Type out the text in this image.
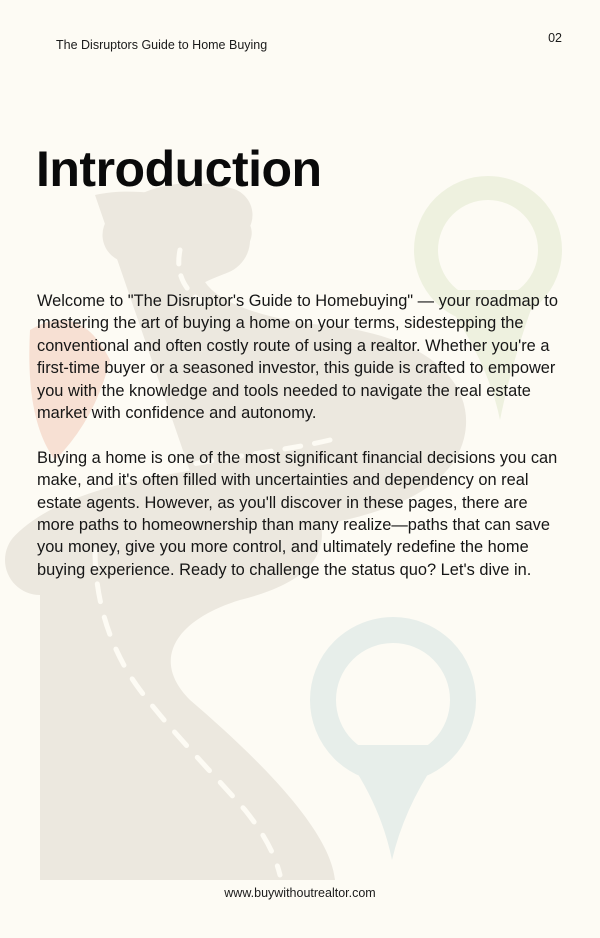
The Disruptors Guide to Home Buying	02
Introduction

Welcome to "The Disruptor's Guide to Homebuying" — your roadmap to mastering the art of buying a home on your terms, sidestepping the conventional and often costly route of using a realtor. Whether you're a first-time buyer or a seasoned investor, this guide is crafted to empower you with the knowledge and tools needed to navigate the real estate market with confidence and autonomy.

Buying a home is one of the most significant financial decisions you can make, and it's often filled with uncertainties and dependency on real estate agents. However, as you'll discover in these pages, there are more paths to homeownership than many realize—paths that can save you money, give you more control, and ultimately redefine the home buying experience. Ready to challenge the status quo? Let's dive in.

www.buywithoutrealtor.com
